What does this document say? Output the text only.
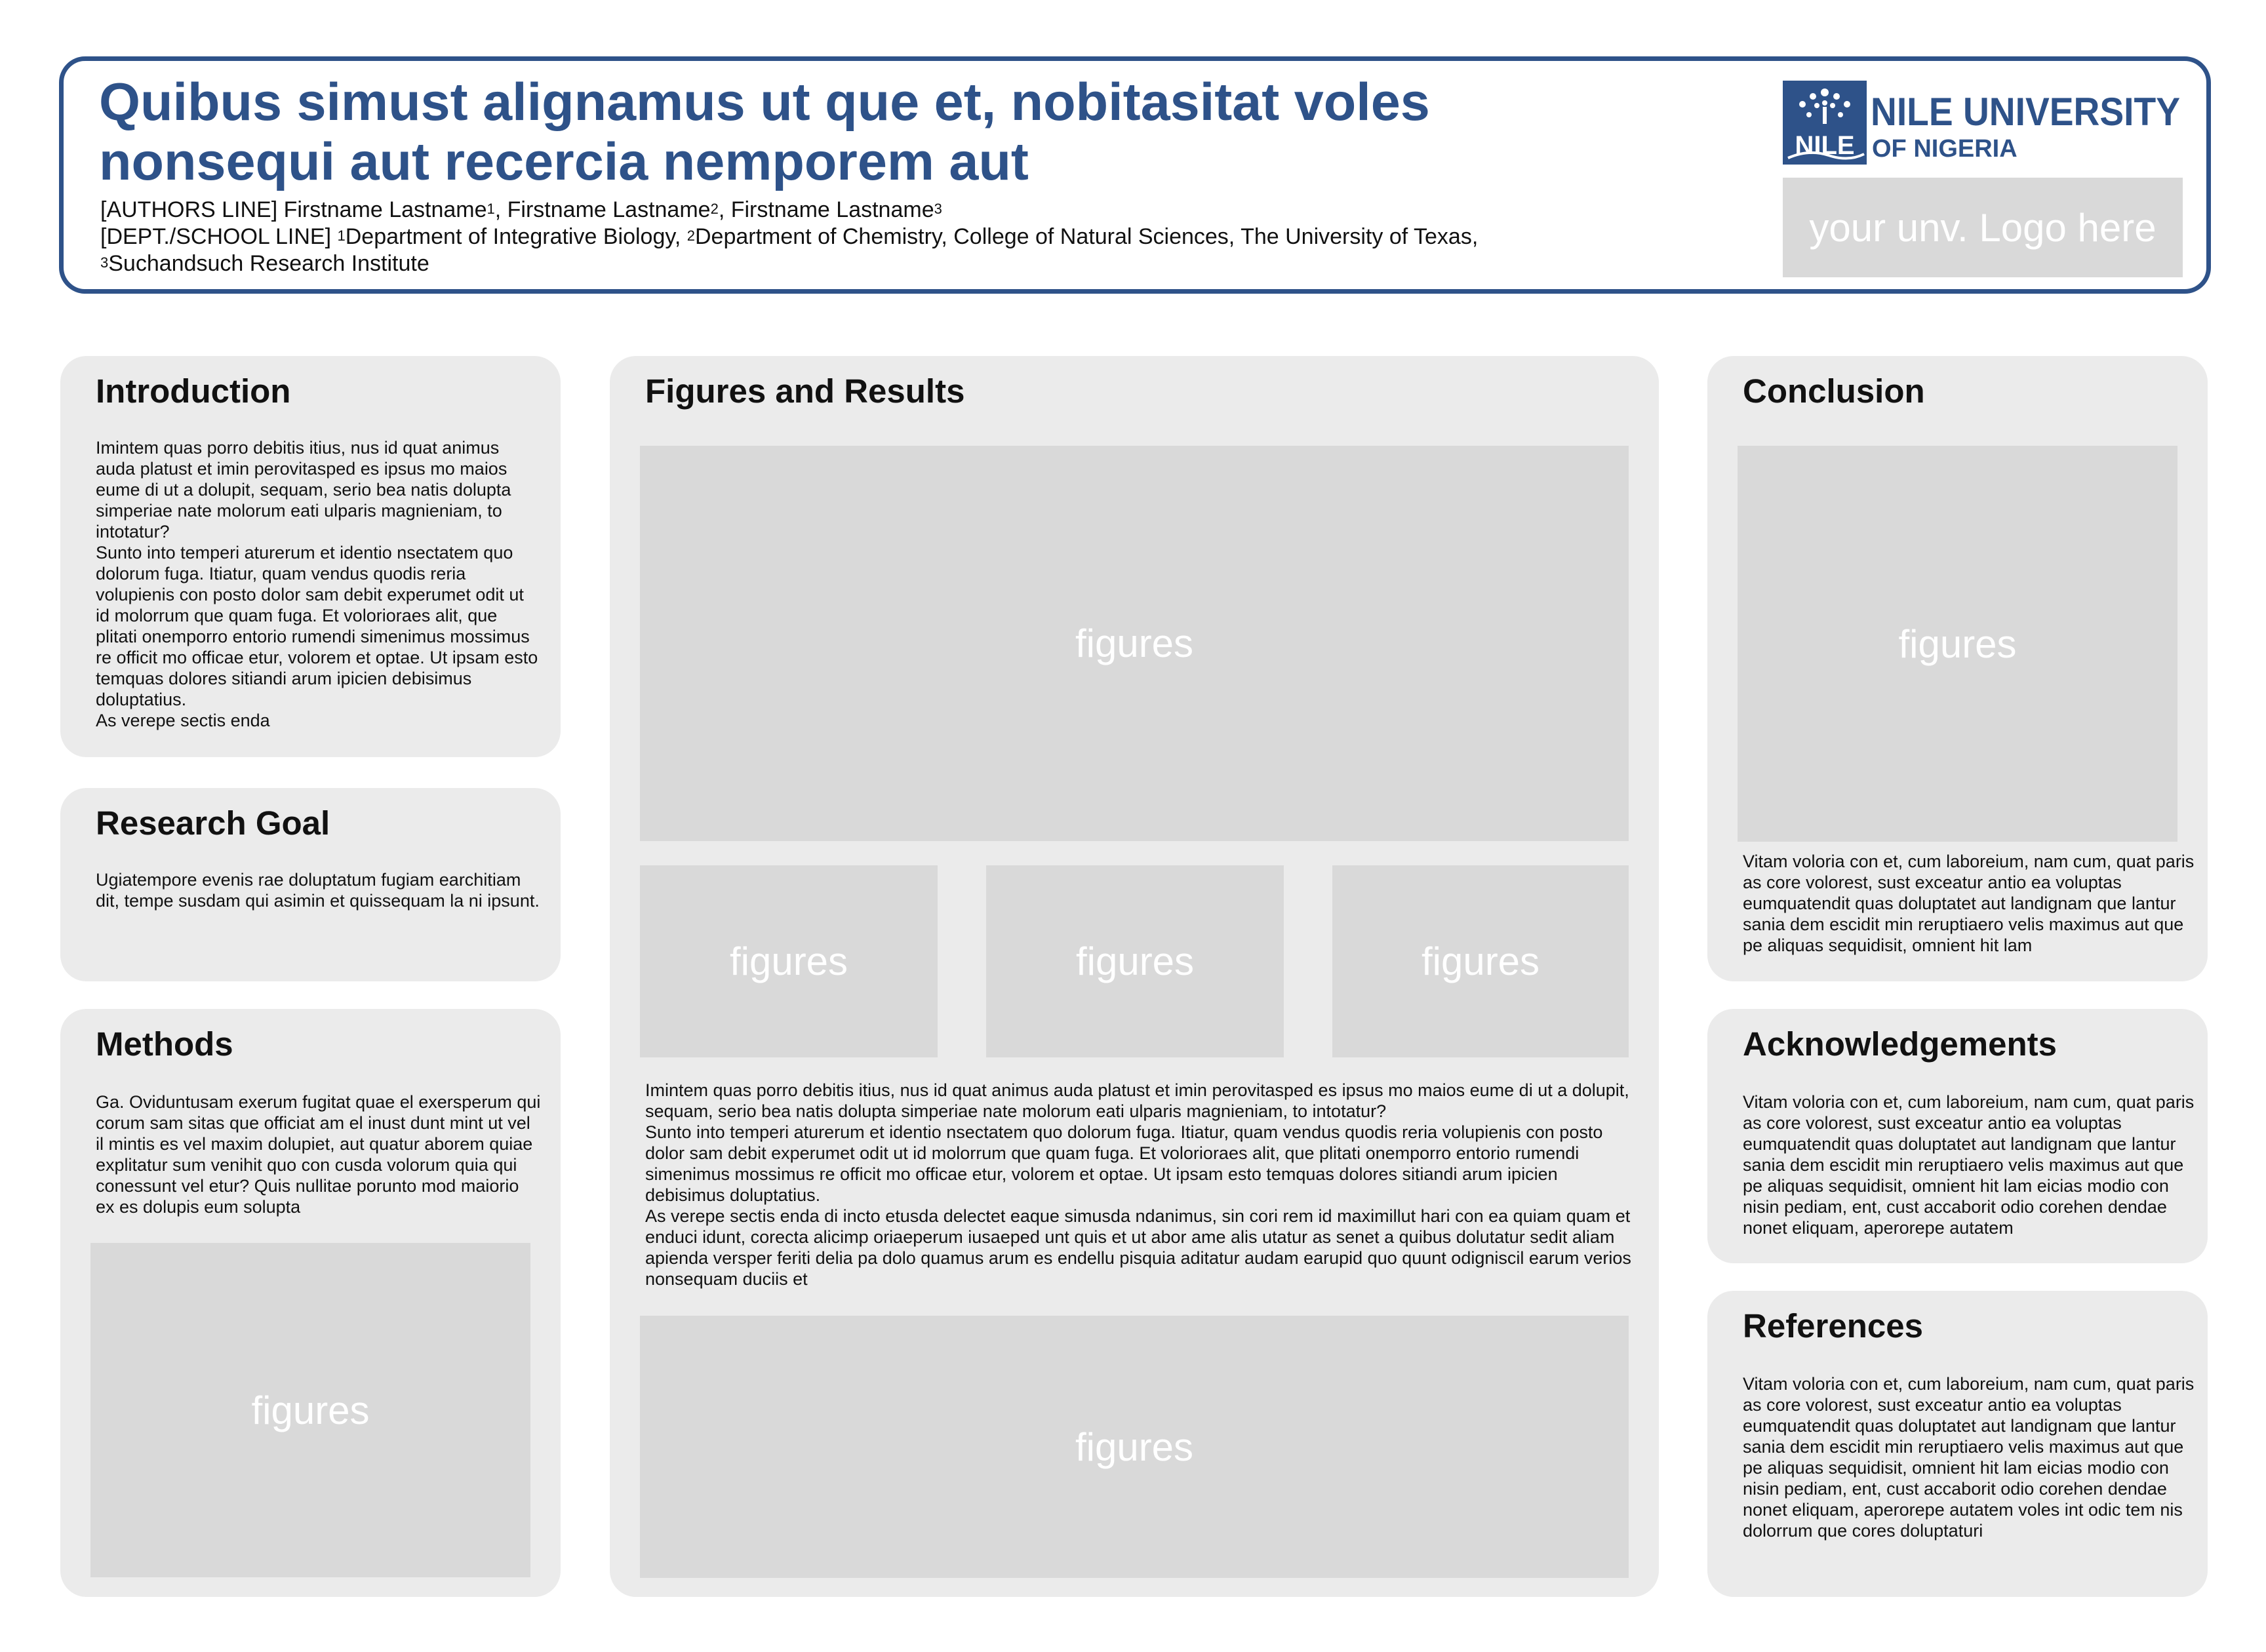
Quibus simust alignamus ut que et, nobitasitat voles
nonsequi aut recercia nemporem aut

[AUTHORS LINE] Firstname Lastname$^1$, Firstname Lastname$^2$, Firstname Lastname$^3$

[DEPT./SCHOOL LINE] $^1$Department of Integrative Biology, $^2$Department of Chemistry, College of Natural Sciences, The University of Texas, $^3$Suchandsuch Research Institute

NILE
NILE UNIVERSITY
OF NIGERIA
your unv. Logo here
Introduction

Imintem quas porro debitis itius, nus id quat animus auda platust et imin perovitasped es ipsus mo maios eume di ut a dolupit, sequam, serio bea natis dolupta simperiae nate molorum eati ulparis magnieniam, to intotatur?

Sunto into temperi aturerum et identio nsectatem quo dolorum fuga. Itiatur, quam vendus quodis reria volupienis con posto dolor sam debit experumet odit ut id molorrum que quam fuga. Et volorioraes alit, que plitati onemporro entorio rumendi simenimus mossimus re officit mo officae etur, volorem et optae. Ut ipsam esto temquas dolores sitiandi arum ipicien debisimus doluptatius.

As verepe sectis enda

Research Goal
Ugiatempore evenis rae doluptatum fugiam earchitiam dit, tempe susdam qui asimin et quissequam la ni ipsunt.
Methods
Ga. Oviduntusam exerum fugitat quae el exersperum qui corum sam sitas que officiat am el inust dunt mint ut vel il mintis es vel maxim dolupiet, aut quatur aborem quiae explitatur sum venihit quo con cusda volorum quia qui conessunt vel etur? Quis nullitae porunto mod maiorio ex es dolupis eum solupta
figures
Figures and Results
figures
figures	figures	figures

Imintem quas porro debitis itius, nus id quat animus auda platust et imin perovitasped es ipsus mo maios eume di ut a dolupit, sequam, serio bea natis dolupta simperiae nate molorum eati ulparis magnieniam, to intotatur?

Sunto into temperi aturerum et identio nsectatem quo dolorum fuga. Itiatur, quam vendus quodis reria volupienis con posto dolor sam debit experumet odit ut id molorrum que quam fuga. Et volorioraes alit, que plitati onemporro entorio rumendi simenimus mossimus re officit mo officae etur, volorem et optae. Ut ipsam esto temquas dolores sitiandi arum ipicien debisimus doluptatius.

As verepe sectis enda di incto etusda delectet eaque simusda ndanimus, sin cori rem id maximillut hari con ea quiam quam et enduci idunt, corecta alicimp oriaeperum iusaeped unt quis et ut abor ame alis utatur as senet a quibus dolutatur sedit aliam apienda versper feriti delia pa dolo quamus arum es endellu pisquia aditatur audam earupid quo quunt odigniscil earum verios nonsequam duciis et

figures
Conclusion
figures
Vitam voloria con et, cum laboreium, nam cum, quat paris as core volorest, sust exceatur antio ea voluptas eumquatendit quas doluptatet aut landignam que lantur sania dem escidit min reruptiaero velis maximus aut que pe aliquas sequidisit, omnient hit lam
Acknowledgements
Vitam voloria con et, cum laboreium, nam cum, quat paris as core volorest, sust exceatur antio ea voluptas eumquatendit quas doluptatet aut landignam que lantur sania dem escidit min reruptiaero velis maximus aut que pe aliquas sequidisit, omnient hit lam eicias modio con nisin pediam, ent, cust accaborit odio corehen dendae nonet eliquam, aperorepe autatem
References
Vitam voloria con et, cum laboreium, nam cum, quat paris as core volorest, sust exceatur antio ea voluptas eumquatendit quas doluptatet aut landignam que lantur sania dem escidit min reruptiaero velis maximus aut que pe aliquas sequidisit, omnient hit lam eicias modio con nisin pediam, ent, cust accaborit odio corehen dendae nonet eliquam, aperorepe autatem voles int odic tem nis dolorrum que cores doluptaturi
